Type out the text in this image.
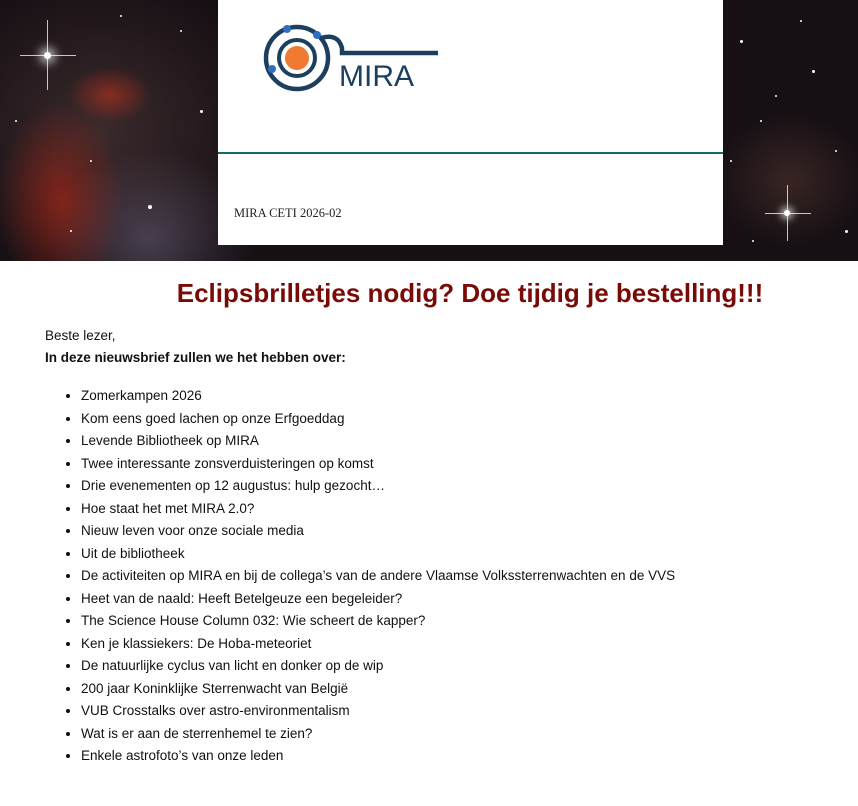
MIRA
MIRA CETI 2026-02
Eclipsbrilletjes nodig? Doe tijdig je bestelling!!!
Beste lezer,
In deze nieuwsbrief zullen we het hebben over:
• Zomerkampen 2026
• Kom eens goed lachen op onze Erfgoeddag
• Levende Bibliotheek op MIRA
• Twee interessante zonsverduisteringen op komst
• Drie evenementen op 12 augustus: hulp gezocht…
• Hoe staat het met MIRA 2.0?
• Nieuw leven voor onze sociale media
• Uit de bibliotheek
• De activiteiten op MIRA en bij de collega’s van de andere Vlaamse Volkssterrenwachten en de VVS
• Heet van de naald: Heeft Betelgeuze een begeleider?
• The Science House Column 032: Wie scheert de kapper?
• Ken je klassiekers: De Hoba-meteoriet
• De natuurlijke cyclus van licht en donker op de wip
• 200 jaar Koninklijke Sterrenwacht van België
• VUB Crosstalks over astro-environmentalism
• Wat is er aan de sterrenhemel te zien?
• Enkele astrofoto’s van onze leden
